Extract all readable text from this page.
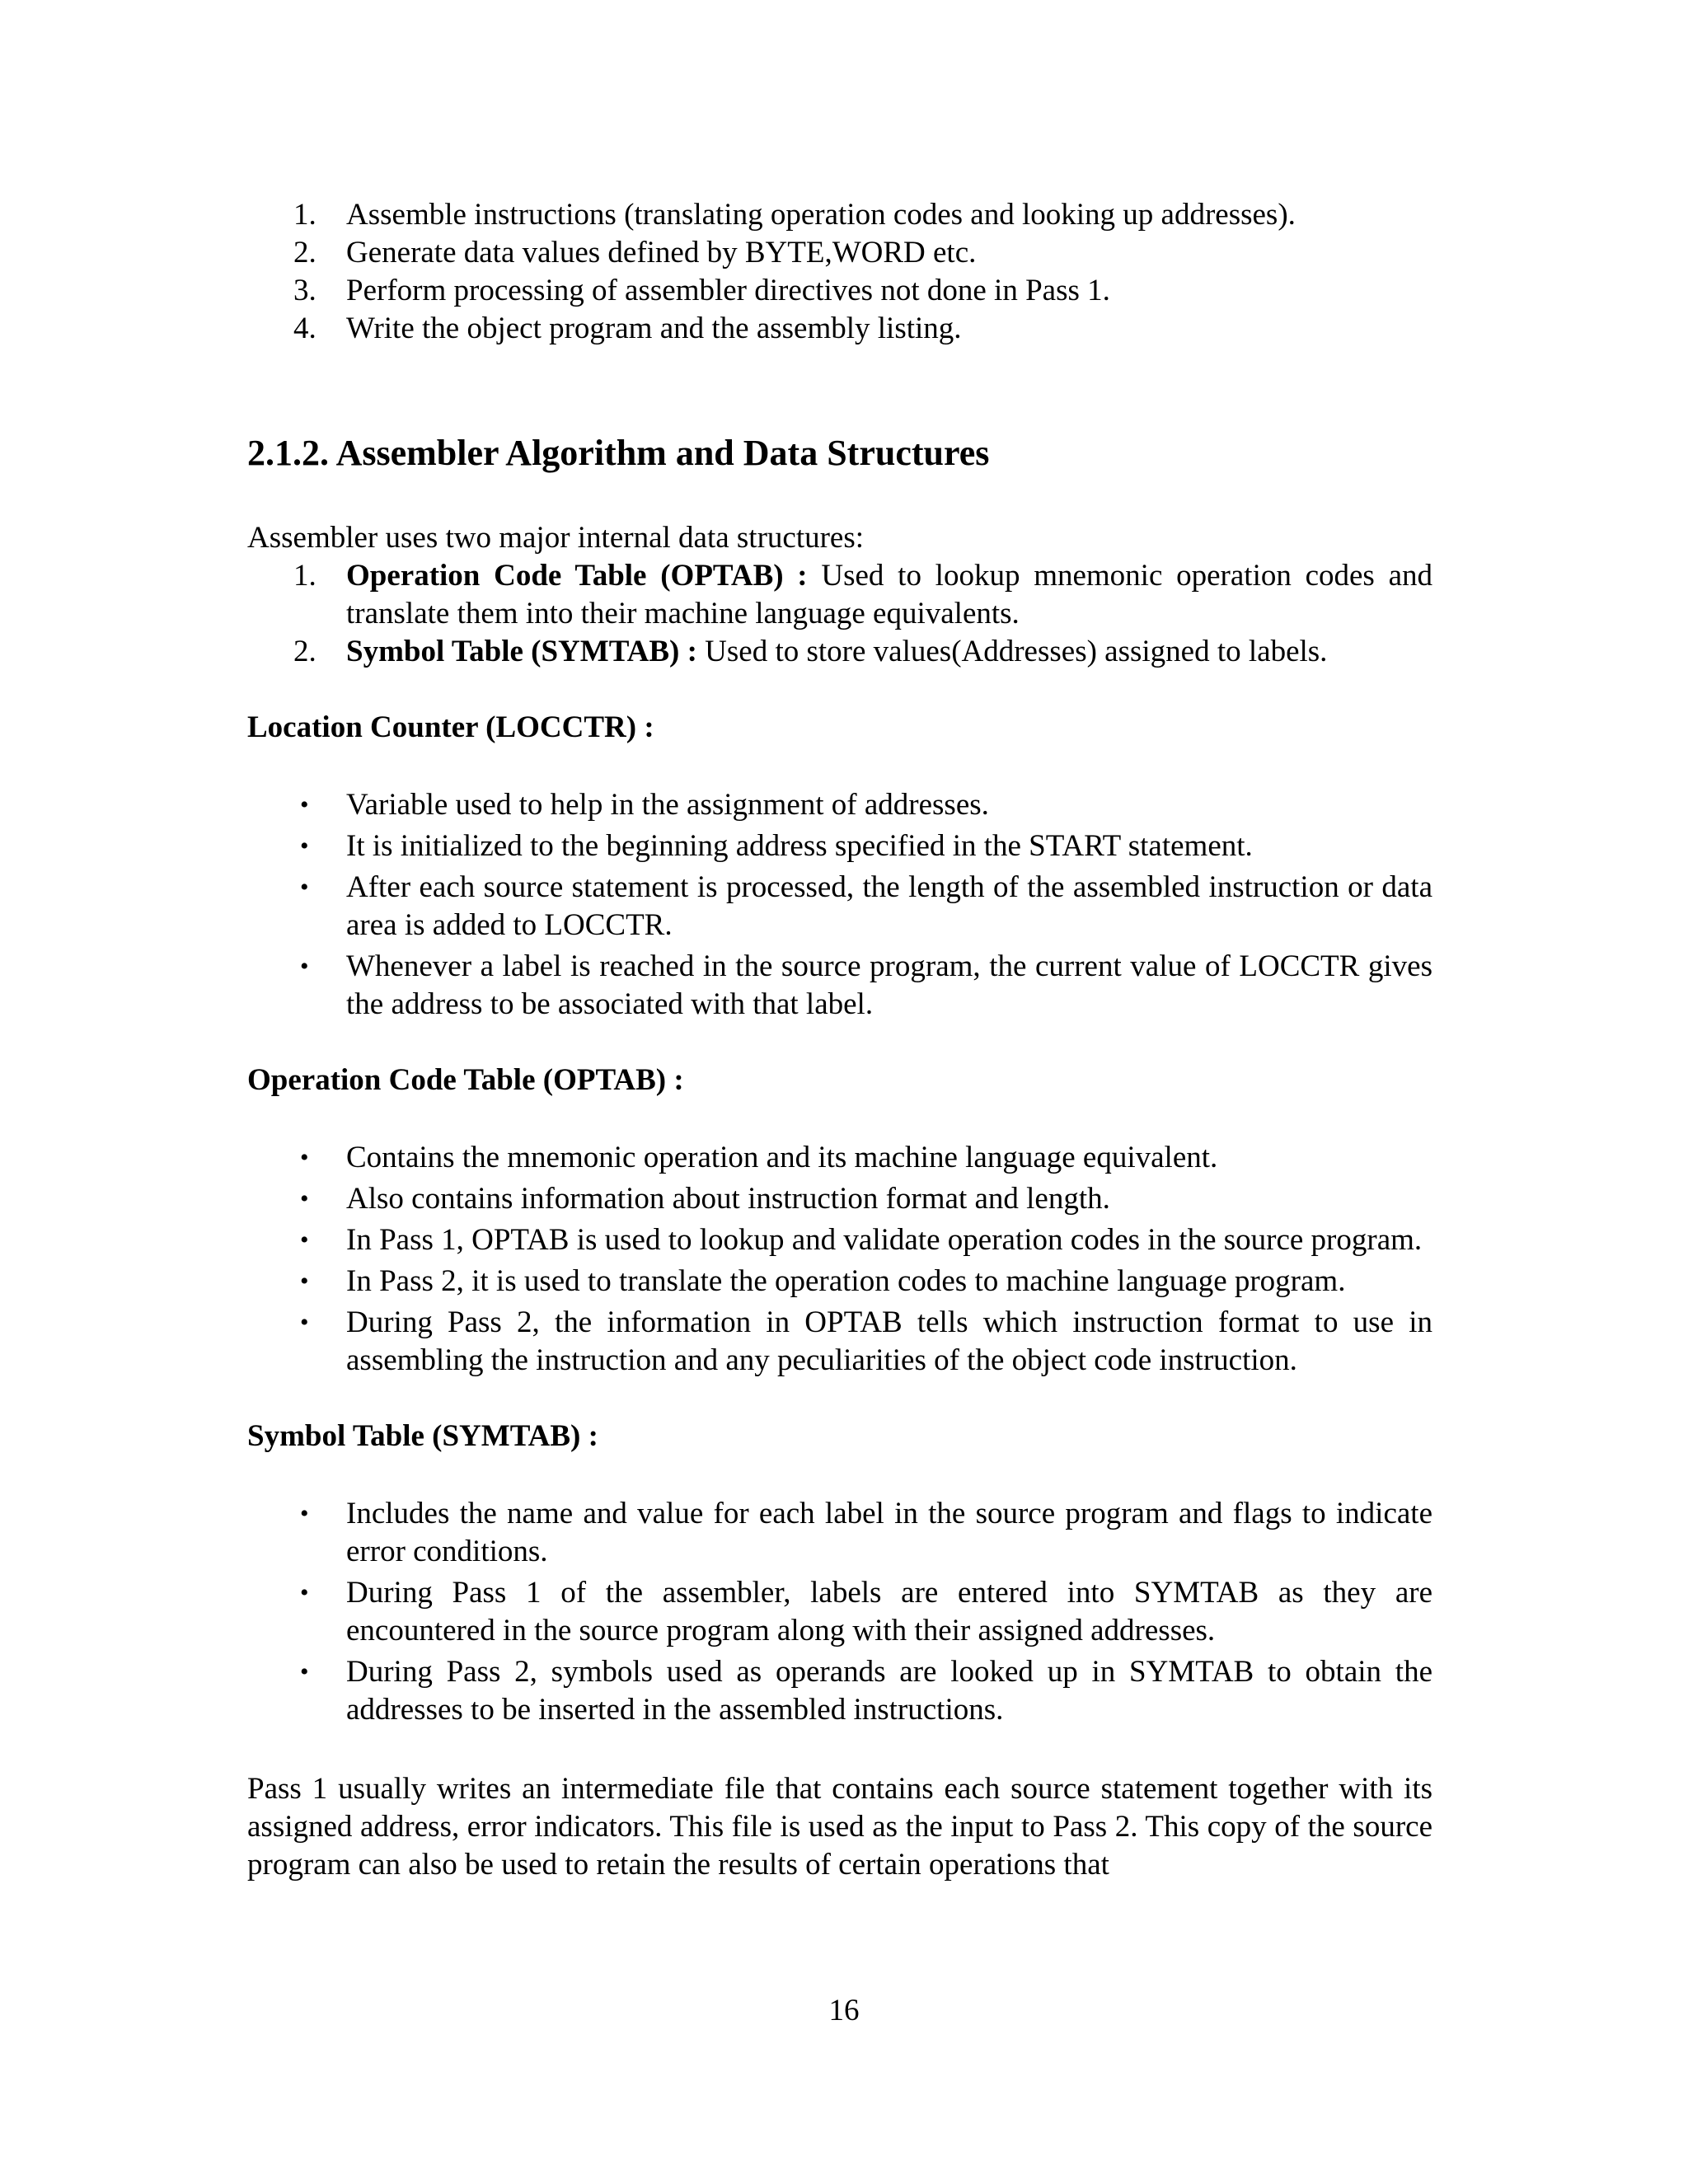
1. Assemble instructions (translating operation codes and looking up addresses).
2. Generate data values defined by BYTE,WORD etc.
3. Perform processing of assembler directives not done in Pass 1.
4. Write the object program and the assembly listing.
2.1.2. Assembler Algorithm and Data Structures

Assembler uses two major internal data structures:

1. Operation Code Table (OPTAB) : Used to lookup mnemonic operation codes and translate them into their machine language equivalents.
2. Symbol Table (SYMTAB) : Used to store values(Addresses) assigned to labels.
Location Counter (LOCCTR) :
•	Variable used to help in the assignment of addresses.
•	It is initialized to the beginning address specified in the START statement.
•	After each source statement is processed, the length of the assembled instruction or data area is added to LOCCTR.
•	Whenever a label is reached in the source program, the current value of LOCCTR gives the address to be associated with that label.
Operation Code Table (OPTAB) :
•	Contains the mnemonic operation and its machine language equivalent.
•	Also contains information about instruction format and length.
•	In Pass 1, OPTAB is used to lookup and validate operation codes in the source program.
•	In Pass 2, it is used to translate the operation codes to machine language program.
•	During Pass 2, the information in OPTAB tells which instruction format to use in assembling the instruction and any peculiarities of the object code instruction.
Symbol Table (SYMTAB) :
•	Includes the name and value for each label in the source program and flags to indicate error conditions.
•	During Pass 1 of the assembler, labels are entered into SYMTAB as they are encountered in the source program along with their assigned addresses.
•	During Pass 2, symbols used as operands are looked up in SYMTAB to obtain the addresses to be inserted in the assembled instructions.

Pass 1 usually writes an intermediate file that contains each source statement together with its assigned address, error indicators. This file is used as the input to Pass 2. This copy of the source program can also be used to retain the results of certain operations that

16
